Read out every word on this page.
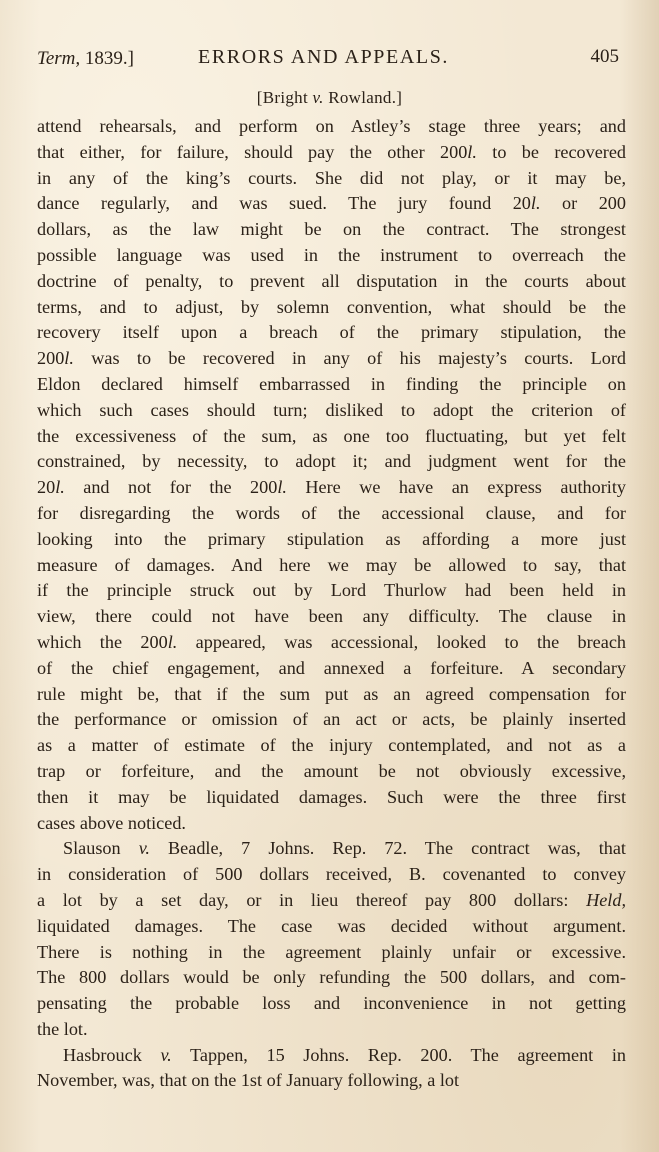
Term, 1839.]	ERRORS AND APPEALS.	405
[Bright v. Rowland.]
attend rehearsals, and perform on Astley’s stage three years; and
that either, for failure, should pay the other 200l. to be recovered
in any of the king’s courts. She did not play, or it may be,
dance regularly, and was sued. The jury found 20l. or 200
dollars, as the law might be on the contract. The strongest
possible language was used in the instrument to overreach the
doctrine of penalty, to prevent all disputation in the courts about
terms, and to adjust, by solemn convention, what should be the
recovery itself upon a breach of the primary stipulation, the
200l. was to be recovered in any of his majesty’s courts. Lord
Eldon declared himself embarrassed in finding the principle on
which such cases should turn; disliked to adopt the criterion of
the excessiveness of the sum, as one too fluctuating, but yet felt
constrained, by necessity, to adopt it; and judgment went for the
20l. and not for the 200l. Here we have an express authority
for disregarding the words of the accessional clause, and for
looking into the primary stipulation as affording a more just
measure of damages. And here we may be allowed to say, that
if the principle struck out by Lord Thurlow had been held in
view, there could not have been any difficulty. The clause in
which the 200l. appeared, was accessional, looked to the breach
of the chief engagement, and annexed a forfeiture. A secondary
rule might be, that if the sum put as an agreed compensation for
the performance or omission of an act or acts, be plainly inserted
as a matter of estimate of the injury contemplated, and not as a
trap or forfeiture, and the amount be not obviously excessive,
then it may be liquidated damages. Such were the three first
cases above noticed.
Slauson v. Beadle, 7 Johns. Rep. 72. The contract was, that
in consideration of 500 dollars received, B. covenanted to convey
a lot by a set day, or in lieu thereof pay 800 dollars: Held,
liquidated damages. The case was decided without argument.
There is nothing in the agreement plainly unfair or excessive.
The 800 dollars would be only refunding the 500 dollars, and com-
pensating the probable loss and inconvenience in not getting
the lot.
Hasbrouck v. Tappen, 15 Johns. Rep. 200. The agreement in
November, was, that on the 1st of January following, a lot
